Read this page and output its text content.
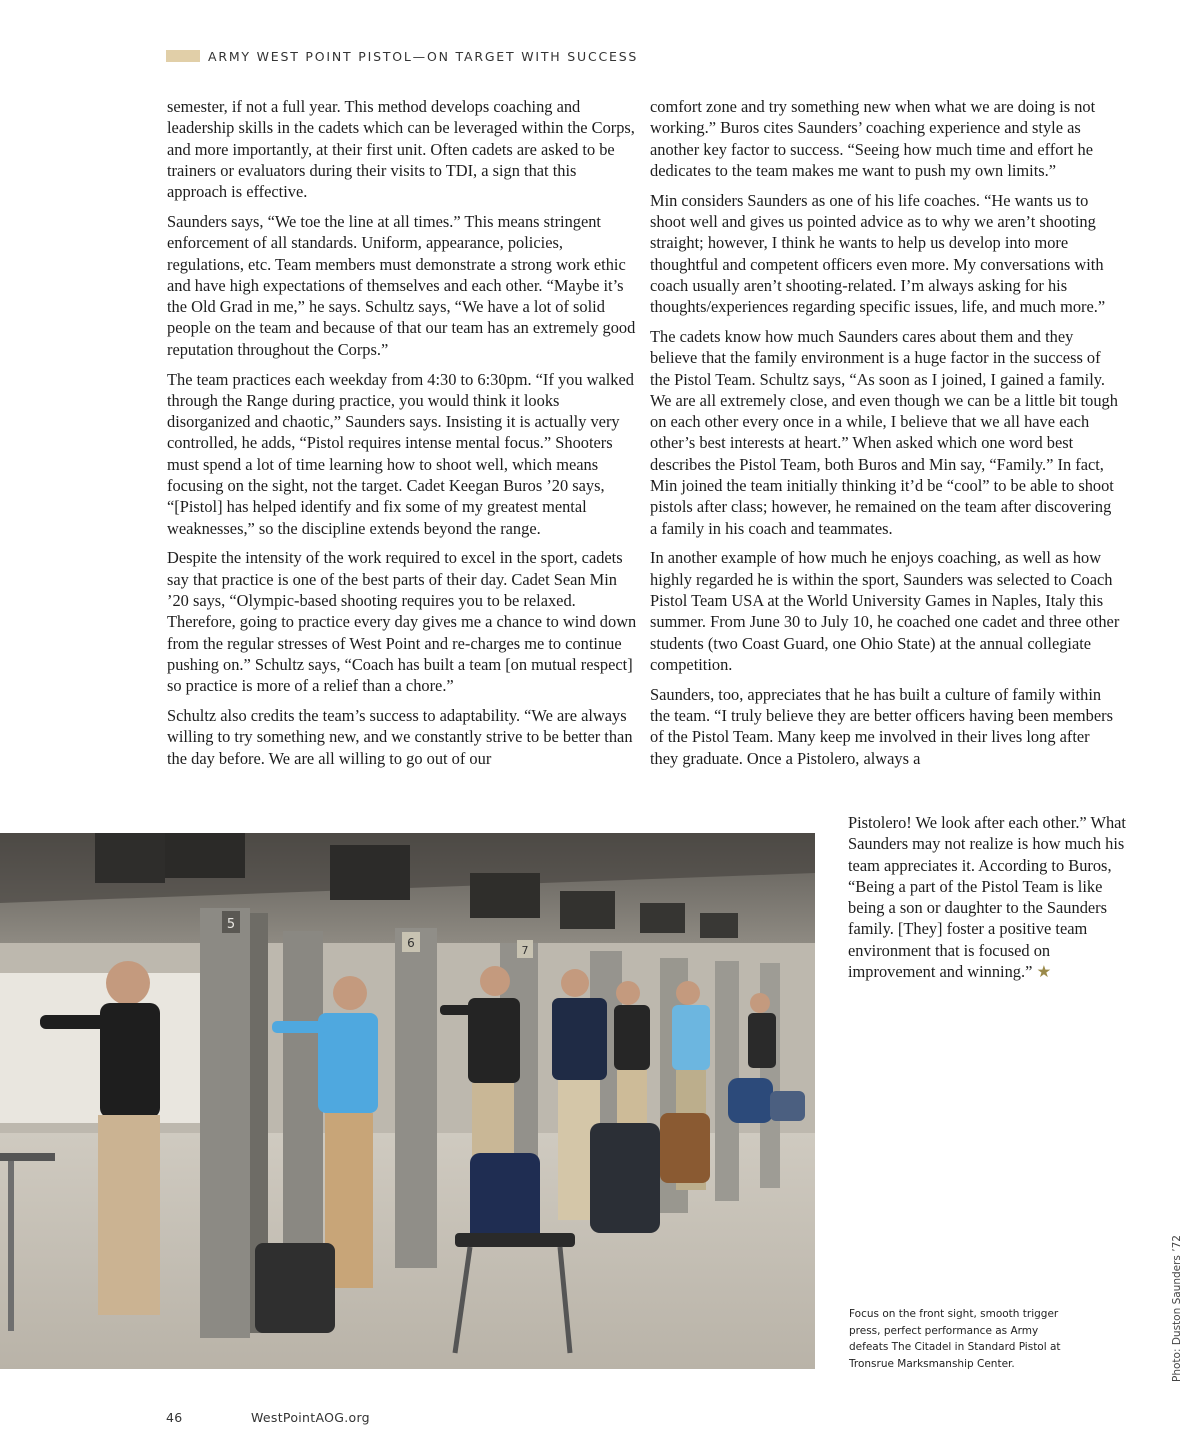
ARMY WEST POINT PISTOL—ON TARGET WITH SUCCESS

semester, if not a full year. This method develops coaching and leadership skills in the cadets which can be leveraged within the Corps, and more importantly, at their first unit. Often cadets are asked to be trainers or evaluators during their visits to TDI, a sign that this approach is effective.

Saunders says, “We toe the line at all times.” This means stringent enforcement of all standards. Uniform, appearance, policies, regulations, etc. Team members must demonstrate a strong work ethic and have high expectations of themselves and each other. “Maybe it’s the Old Grad in me,” he says. Schultz says, “We have a lot of solid people on the team and because of that our team has an extremely good reputation throughout the Corps.”

The team practices each weekday from 4:30 to 6:30pm. “If you walked through the Range during practice, you would think it looks disorganized and chaotic,” Saunders says. Insisting it is actually very controlled, he adds, “Pistol requires intense mental focus.” Shooters must spend a lot of time learning how to shoot well, which means focusing on the sight, not the target. Cadet Keegan Buros ’20 says, “[Pistol] has helped identify and fix some of my greatest mental weaknesses,” so the discipline extends beyond the range.

Despite the intensity of the work required to excel in the sport, cadets say that practice is one of the best parts of their day. Cadet Sean Min ’20 says, “Olympic-based shooting requires you to be relaxed. Therefore, going to practice every day gives me a chance to wind down from the regular stresses of West Point and re-charges me to continue pushing on.” Schultz says, “Coach has built a team [on mutual respect] so practice is more of a relief than a chore.”

Schultz also credits the team’s success to adaptability. “We are always willing to try something new, and we constantly strive to be better than the day before. We are all willing to go out of our

comfort zone and try something new when what we are doing is not working.” Buros cites Saunders’ coaching experience and style as another key factor to success. “Seeing how much time and effort he dedicates to the team makes me want to push my own limits.”

Min considers Saunders as one of his life coaches. “He wants us to shoot well and gives us pointed advice as to why we aren’t shooting straight; however, I think he wants to help us develop into more thoughtful and competent officers even more. My conversations with coach usually aren’t shooting-related. I’m always asking for his thoughts/experiences regarding specific issues, life, and much more.”

The cadets know how much Saunders cares about them and they believe that the family environment is a huge factor in the success of the Pistol Team. Schultz says, “As soon as I joined, I gained a family. We are all extremely close, and even though we can be a little bit tough on each other every once in a while, I believe that we all have each other’s best interests at heart.” When asked which one word best describes the Pistol Team, both Buros and Min say, “Family.” In fact, Min joined the team initially thinking it’d be “cool” to be able to shoot pistols after class; however, he remained on the team after discovering a family in his coach and teammates.

In another example of how much he enjoys coaching, as well as how highly regarded he is within the sport, Saunders was selected to Coach Pistol Team USA at the World University Games in Naples, Italy this summer. From June 30 to July 10, he coached one cadet and three other students (two Coast Guard, one Ohio State) at the annual collegiate competition.

Saunders, too, appreciates that he has built a culture of family within the team. “I truly believe they are better officers having been members of the Pistol Team. Many keep me involved in their lives long after they graduate. Once a Pistolero, always a

Pistolero! We look after each other.” What Saunders may not realize is how much his team appreciates it. According to Buros, “Being a part of the Pistol Team is like being a son or daughter to the Saunders family. [They] foster a positive team environment that is focused on improvement and winning.” ★

5
6
7
Focus on the front sight, smooth trigger press, perfect performance as Army defeats The Citadel in Standard Pistol at Tronsrue Marksmanship Center.	Photo: Duston Saunders ’72
46	WestPointAOG.org
